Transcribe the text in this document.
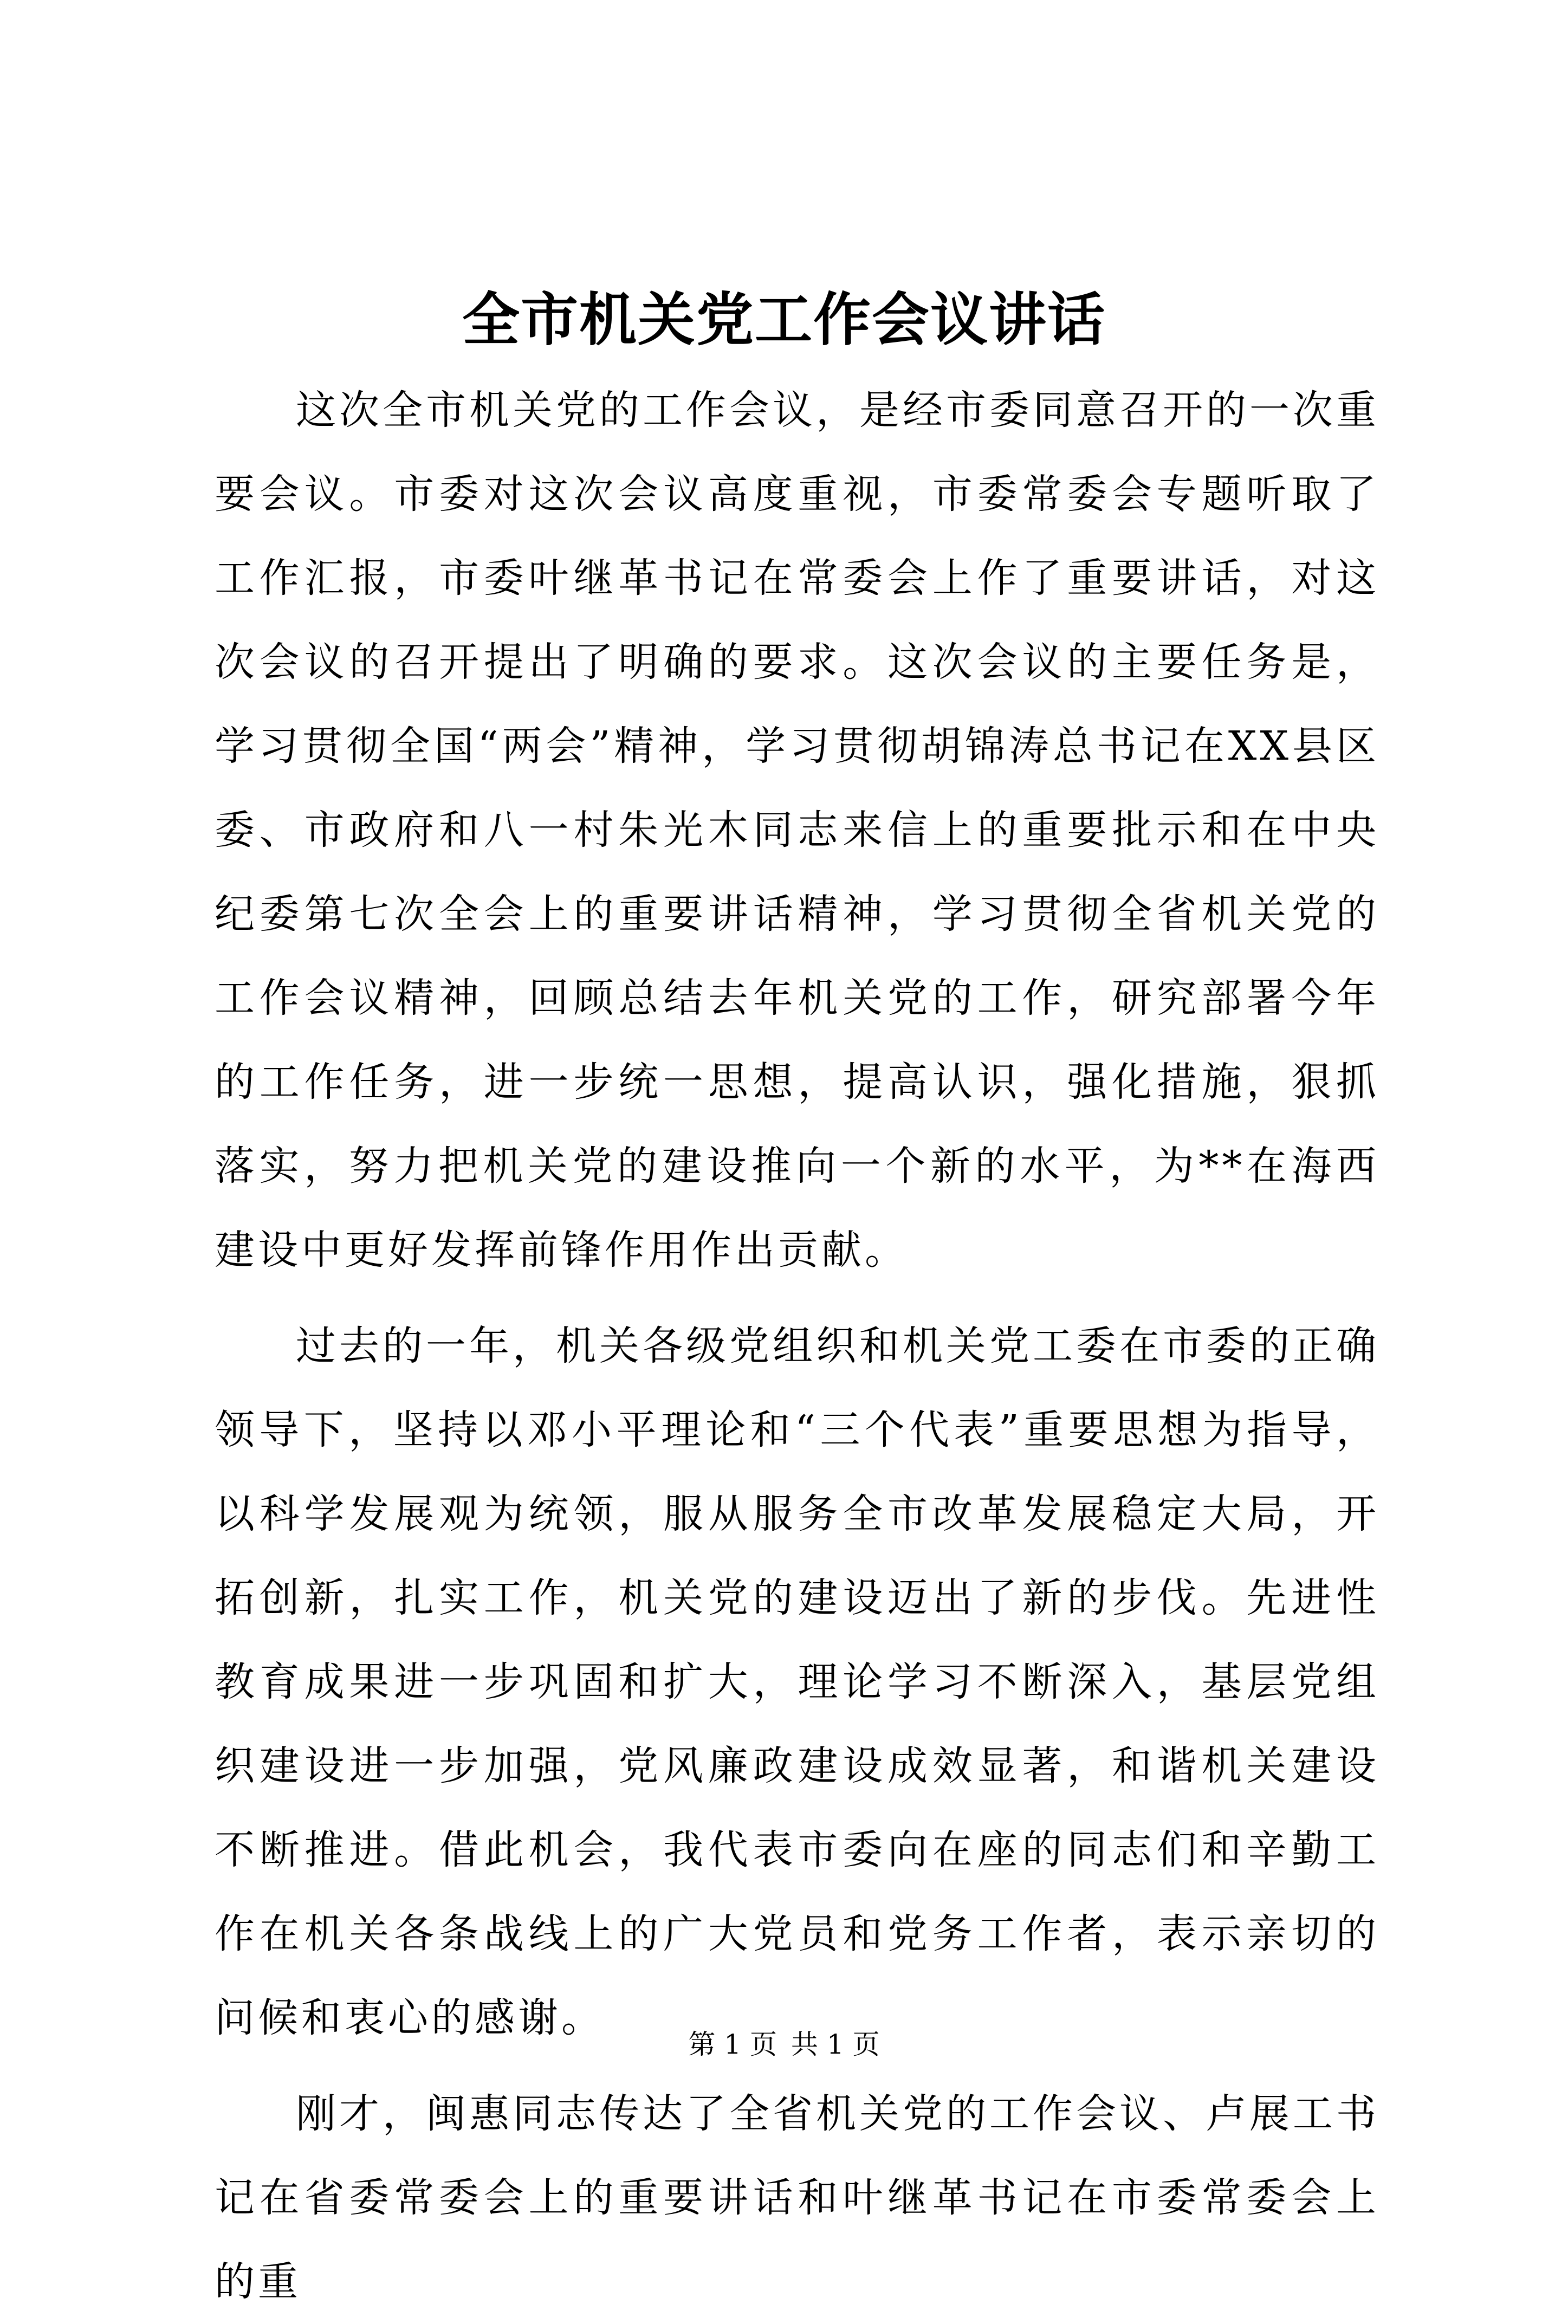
全市机关党工作会议讲话

这次全市机关党的工作会议，是经市委同意召开的一次重要会议。市委对这次会议高度重视，市委常委会专题听取了工作汇报，市委叶继革书记在常委会上作了重要讲话，对这次会议的召开提出了明确的要求。这次会议的主要任务是，学习贯彻全国“两会”精神，学习贯彻胡锦涛总书记在XX县区委、市政府和八一村朱光木同志来信上的重要批示和在中央纪委第七次全会上的重要讲话精神，学习贯彻全省机关党的工作会议精神，回顾总结去年机关党的工作，研究部署今年的工作任务，进一步统一思想，提高认识，强化措施，狠抓落实，努力把机关党的建设推向一个新的水平，为**在海西建设中更好发挥前锋作用作出贡献。

过去的一年，机关各级党组织和机关党工委在市委的正确领导下，坚持以邓小平理论和“三个代表”重要思想为指导，以科学发展观为统领，服从服务全市改革发展稳定大局，开拓创新，扎实工作，机关党的建设迈出了新的步伐。先进性教育成果进一步巩固和扩大，理论学习不断深入，基层党组织建设进一步加强，党风廉政建设成效显著，和谐机关建设不断推进。借此机会，我代表市委向在座的同志们和辛勤工作在机关各条战线上的广大党员和党务工作者，表示亲切的问候和衷心的感谢。

刚才，闽惠同志传达了全省机关党的工作会议、卢展工书记在省委常委会上的重要讲话和叶继革书记在市委常委会上的重

第 1 页 共 1 页
